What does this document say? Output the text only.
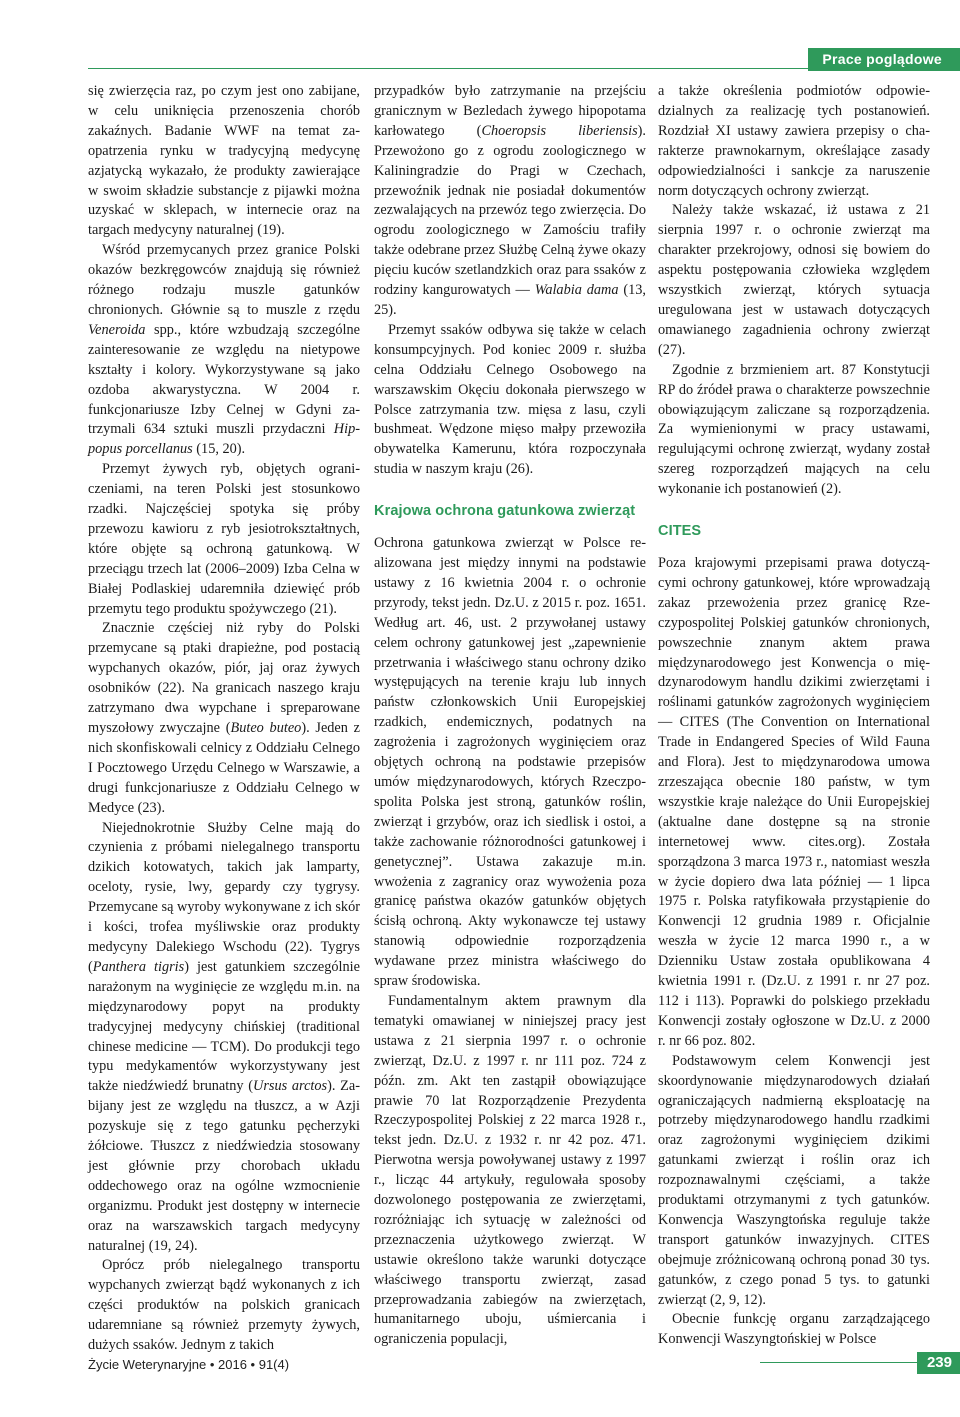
Prace poglądowe

się zwierzęcia raz, po czym jest ono zabijane, w celu uniknięcia przenoszenia chorób zakaźnych. Badanie WWF na temat zaopatrzenia rynku w tradycyjną medycynę azjatycką wykazało, że produkty zawierające w swoim składzie substancje z pijawki można uzyskać w sklepach, w internecie oraz na targach medycyny naturalnej (19).

Wśród przemycanych przez granice Polski okazów bezkręgowców znajdują się również różnego rodzaju muszle gatunków chronionych. Głównie są to muszle z rzędu Veneroida spp., które wzbudzają szczególne zainteresowanie ze względu na nietypowe kształty i kolory. Wykorzystywane są jako ozdoba akwarystyczna. W 2004 r. funkcjonariusze Izby Celnej w Gdyni zatrzymali 634 sztuki muszli przydaczni Hippopus porcellanus (15, 20).

Przemyt żywych ryb, objętych ograniczeniami, na teren Polski jest stosunkowo rzadki. Najczęściej spotyka się próby przewozu kawioru z ryb jesiotrokształtnych, które objęte są ochroną gatunkową. W przeciągu trzech lat (2006–2009) Izba Celna w Białej Podlaskiej udaremniła dziewięć prób przemytu tego produktu spożywczego (21).

Znacznie częściej niż ryby do Polski przemycane są ptaki drapieżne, pod postacią wypchanych okazów, piór, jaj oraz żywych osobników (22). Na granicach naszego kraju zatrzymano dwa wypchane i spreparowane myszołowy zwyczajne (Buteo buteo). Jeden z nich skonfiskowali celnicy z Oddziału Celnego I Pocztowego Urzędu Celnego w Warszawie, a drugi funkcjonariusze z Oddziału Celnego w Medyce (23).

Niejednokrotnie Służby Celne mają do czynienia z próbami nielegalnego transportu dzikich kotowatych, takich jak lamparty, oceloty, rysie, lwy, gepardy czy tygrysy. Przemycane są wyroby wykonywane z ich skór i kości, trofea myśliwskie oraz produkty medycyny Dalekiego Wschodu (22). Tygrys (Panthera tigris) jest gatunkiem szczególnie narażonym na wyginięcie ze względu m.in. na międzynarodowy popyt na produkty tradycyjnej medycyny chińskiej (traditional chinese medicine — TCM). Do produkcji tego typu medykamentów wykorzystywany jest także niedźwiedź brunatny (Ursus arctos). Zabijany jest ze względu na tłuszcz, a w Azji pozyskuje się z tego gatunku pęcherzyki żółciowe. Tłuszcz z niedźwiedzia stosowany jest głównie przy chorobach układu oddechowego oraz na ogólne wzmocnienie organizmu. Produkt jest dostępny w internecie oraz na warszawskich targach medycyny naturalnej (19, 24).

Oprócz prób nielegalnego transportu wypchanych zwierząt bądź wykonanych z ich części produktów na polskich granicach udaremniane są również przemyty żywych, dużych ssaków. Jednym z takich

przypadków było zatrzymanie na przejściu granicznym w Bezledach żywego hipopotama karłowatego (Choeropsis liberiensis). Przewożono go z ogrodu zoologicznego w Kaliningradzie do Pragi w Czechach, przewoźnik jednak nie posiadał dokumentów zezwalających na przewóz tego zwierzęcia. Do ogrodu zoologicznego w Zamościu trafiły także odebrane przez Służbę Celną żywe okazy pięciu kuców szetlandzkich oraz para ssaków z rodziny kangurowatych — Walabia dama (13, 25).

Przemyt ssaków odbywa się także w celach konsumpcyjnych. Pod koniec 2009 r. służba celna Oddziału Celnego Osobowego na warszawskim Okęciu dokonała pierwszego w Polsce zatrzymania tzw. mięsa z lasu, czyli bushmeat. Wędzone mięso małpy przewoziła obywatelka Kamerunu, która rozpoczynała studia w naszym kraju (26).

Krajowa ochrona gatunkowa zwierząt

Ochrona gatunkowa zwierząt w Polsce realizowana jest między innymi na podstawie ustawy z 16 kwietnia 2004 r. o ochronie przyrody, tekst jedn. Dz.U. z 2015 r. poz. 1651. Według art. 46, ust. 2 przywołanej ustawy celem ochrony gatunkowej jest „zapewnienie przetrwania i właściwego stanu ochrony dziko występujących na terenie kraju lub innych państw członkowskich Unii Europejskiej rzadkich, endemicznych, podatnych na zagrożenia i zagrożonych wyginięciem oraz objętych ochroną na podstawie przepisów umów międzynarodowych, których Rzeczpospolita Polska jest stroną, gatunków roślin, zwierząt i grzybów, oraz ich siedlisk i ostoi, a także zachowanie różnorodności gatunkowej i genetycznej”. Ustawa zakazuje m.in. wwożenia z zagranicy oraz wywożenia poza granicę państwa okazów gatunków objętych ścisłą ochroną. Akty wykonawcze tej ustawy stanowią odpowiednie rozporządzenia wydawane przez ministra właściwego do spraw środowiska.

Fundamentalnym aktem prawnym dla tematyki omawianej w niniejszej pracy jest ustawa z 21 sierpnia 1997 r. o ochronie zwierząt, Dz.U. z 1997 r. nr 111 poz. 724 z późn. zm. Akt ten zastąpił obowiązujące prawie 70 lat Rozporządzenie Prezydenta Rzeczypospolitej Polskiej z 22 marca 1928 r., tekst jedn. Dz.U. z 1932 r. nr 42 poz. 471. Pierwotna wersja powoływanej ustawy z 1997 r., licząc 44 artykuły, regulowała sposoby dozwolonego postępowania ze zwierzętami, rozróżniając ich sytuację w zależności od przeznaczenia użytkowego zwierząt. W ustawie określono także warunki dotyczące właściwego transportu zwierząt, zasad przeprowadzania zabiegów na zwierzętach, humanitarnego uboju, uśmiercania i ograniczenia populacji,

a także określenia podmiotów odpowiedzialnych za realizację tych postanowień. Rozdział XI ustawy zawiera przepisy o charakterze prawnokarnym, określające zasady odpowiedzialności i sankcje za naruszenie norm dotyczących ochrony zwierząt.

Należy także wskazać, iż ustawa z 21 sierpnia 1997 r. o ochronie zwierząt ma charakter przekrojowy, odnosi się bowiem do aspektu postępowania człowieka względem wszystkich zwierząt, których sytuacja uregulowana jest w ustawach dotyczących omawianego zagadnienia ochrony zwierząt (27).

Zgodnie z brzmieniem art. 87 Konstytucji RP do źródeł prawa o charakterze powszechnie obowiązującym zaliczane są rozporządzenia. Za wymienionymi w pracy ustawami, regulującymi ochronę zwierząt, wydany został szereg rozporządzeń mających na celu wykonanie ich postanowień (2).

CITES

Poza krajowymi przepisami prawa dotyczącymi ochrony gatunkowej, które wprowadzają zakaz przewożenia przez granicę Rzeczypospolitej Polskiej gatunków chronionych, powszechnie znanym aktem prawa międzynarodowego jest Konwencja o międzynarodowym handlu dzikimi zwierzętami i roślinami gatunków zagrożonych wyginięciem — CITES (The Convention on International Trade in Endangered Species of Wild Fauna and Flora). Jest to międzynarodowa umowa zrzeszająca obecnie 180 państw, w tym wszystkie kraje należące do Unii Europejskiej (aktualne dane dostępne są na stronie internetowej www. cites.org). Została sporządzona 3 marca 1973 r., natomiast weszła w życie dopiero dwa lata później — 1 lipca 1975 r. Polska ratyfikowała przystąpienie do Konwencji 12 grudnia 1989 r. Oficjalnie weszła w życie 12 marca 1990 r., a w Dzienniku Ustaw została opublikowana 4 kwietnia 1991 r. (Dz.U. z 1991 r. nr 27 poz. 112 i 113). Poprawki do polskiego przekładu Konwencji zostały ogłoszone w Dz.U. z 2000 r. nr 66 poz. 802.

Podstawowym celem Konwencji jest skoordynowanie międzynarodowych działań ograniczających nadmierną eksploatację na potrzeby międzynarodowego handlu rzadkimi oraz zagrożonymi wyginięciem dzikimi gatunkami zwierząt i roślin oraz ich rozpoznawalnymi częściami, a także produktami otrzymanymi z tych gatunków. Konwencja Waszyngtońska reguluje także transport gatunków inwazyjnych. CITES obejmuje zróżnicowaną ochroną ponad 30 tys. gatunków, z czego ponad 5 tys. to gatunki zwierząt (2, 9, 12).

Obecnie funkcję organu zarządzającego Konwencji Waszyngtońskiej w Polsce

Życie Weterynaryjne • 2016 • 91(4)	239
